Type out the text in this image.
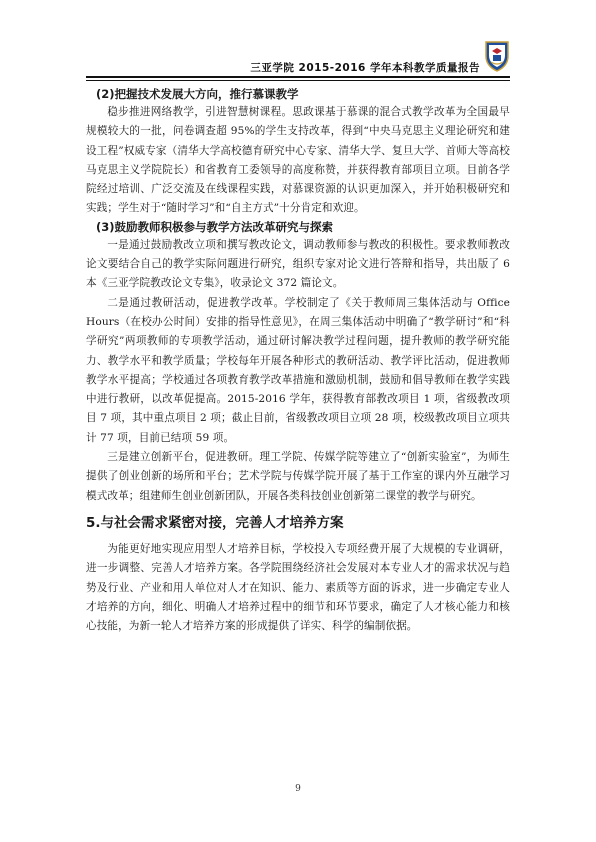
三亚学院 2015-2016 学年本科教学质量报告
(2)把握技术发展大方向，推行慕课教学

稳步推进网络教学，引进智慧树课程。思政课基于慕课的混合式教学改革为全国最早规模较大的一批，问卷调查超 95%的学生支持改革，得到“中央马克思主义理论研究和建设工程”权威专家（清华大学高校德育研究中心专家、清华大学、复旦大学、首师大等高校马克思主义学院院长）和省教育工委领导的高度称赞，并获得教育部项目立项。目前各学院经过培训、广泛交流及在线课程实践，对慕课资源的认识更加深入，并开始积极研究和实践；学生对于“随时学习”和“自主方式”十分肯定和欢迎。

(3)鼓励教师积极参与教学方法改革研究与探索

一是通过鼓励教改立项和撰写教改论文，调动教师参与教改的积极性。要求教师教改论文要结合自己的教学实际问题进行研究，组织专家对论文进行答辩和指导，共出版了 6 本《三亚学院教改论文专集》，收录论文 372 篇论文。

二是通过教研活动，促进教学改革。学校制定了《关于教师周三集体活动与 Office Hours（在校办公时间）安排的指导性意见》，在周三集体活动中明确了“教学研讨”和“科学研究”两项教师的专项教学活动，通过研讨解决教学过程问题，提升教师的教学研究能力、教学水平和教学质量；学校每年开展各种形式的教研活动、教学评比活动，促进教师教学水平提高；学校通过各项教育教学改革措施和激励机制，鼓励和倡导教师在教学实践中进行教研，以改革促提高。2015-2016 学年，获得教育部教改项目 1 项，省级教改项目 7 项，其中重点项目 2 项；截止目前，省级教改项目立项 28 项，校级教改项目立项共计 77 项，目前已结项 59 项。

三是建立创新平台，促进教研。理工学院、传媒学院等建立了“创新实验室”，为师生提供了创业创新的场所和平台；艺术学院与传媒学院开展了基于工作室的课内外互融学习模式改革；组建师生创业创新团队，开展各类科技创业创新第二课堂的教学与研究。

5.与社会需求紧密对接，完善人才培养方案

为能更好地实现应用型人才培养目标，学校投入专项经费开展了大规模的专业调研，进一步调整、完善人才培养方案。各学院围绕经济社会发展对本专业人才的需求状况与趋势及行业、产业和用人单位对人才在知识、能力、素质等方面的诉求，进一步确定专业人才培养的方向，细化、明确人才培养过程中的细节和环节要求，确定了人才核心能力和核心技能，为新一轮人才培养方案的形成提供了详实、科学的编制依据。

9
